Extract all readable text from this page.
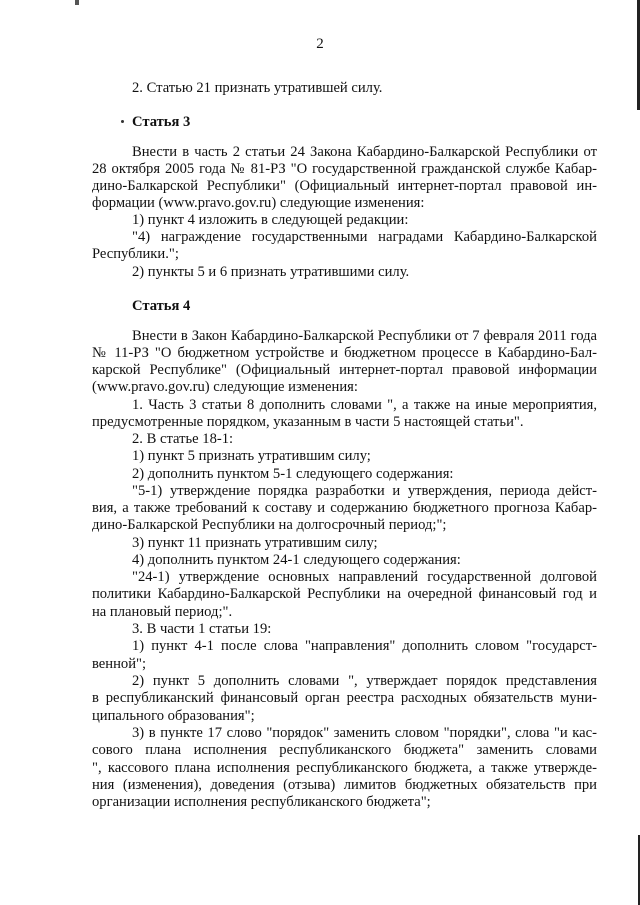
2
2. Статью 21 признать утратившей силу.
Статья 3
Внести в часть 2 статьи 24 Закона Кабардино-Балкарской Республики от
28 октября 2005 года № 81-РЗ "О государственной гражданской службе Кабар-
дино-Балкарской Республики" (Официальный интернет-портал правовой ин-
формации (www.pravo.gov.ru) следующие изменения:
1) пункт 4 изложить в следующей редакции:
"4) награждение государственными наградами Кабардино-Балкарской
Республики.";
2) пункты 5 и 6 признать утратившими силу.
Статья 4
Внести в Закон Кабардино-Балкарской Республики от 7 февраля 2011 года
№ 11-РЗ "О бюджетном устройстве и бюджетном процессе в Кабардино-Бал-
карской Республике" (Официальный интернет-портал правовой информации
(www.pravo.gov.ru) следующие изменения:
1. Часть 3 статьи 8 дополнить словами ", а также на иные мероприятия,
предусмотренные порядком, указанным в части 5 настоящей статьи".
2. В статье 18-1:
1) пункт 5 признать утратившим силу;
2) дополнить пунктом 5-1 следующего содержания:
"5-1) утверждение порядка разработки и утверждения, периода дейст-
вия, а также требований к составу и содержанию бюджетного прогноза Кабар-
дино-Балкарской Республики на долгосрочный период;";
3) пункт 11 признать утратившим силу;
4) дополнить пунктом 24-1 следующего содержания:
"24-1) утверждение основных направлений государственной долговой
политики Кабардино-Балкарской Республики на очередной финансовый год и
на плановый период;".
3. В части 1 статьи 19:
1) пункт 4-1 после слова "направления" дополнить словом "государст-
венной";
2) пункт 5 дополнить словами ", утверждает порядок представления
в республиканский финансовый орган реестра расходных обязательств муни-
ципального образования";
3) в пункте 17 слово "порядок" заменить словом "порядки", слова "и кас-
сового плана исполнения республиканского бюджета" заменить словами
", кассового плана исполнения республиканского бюджета, а также утвержде-
ния (изменения), доведения (отзыва) лимитов бюджетных обязательств при
организации исполнения республиканского бюджета";
